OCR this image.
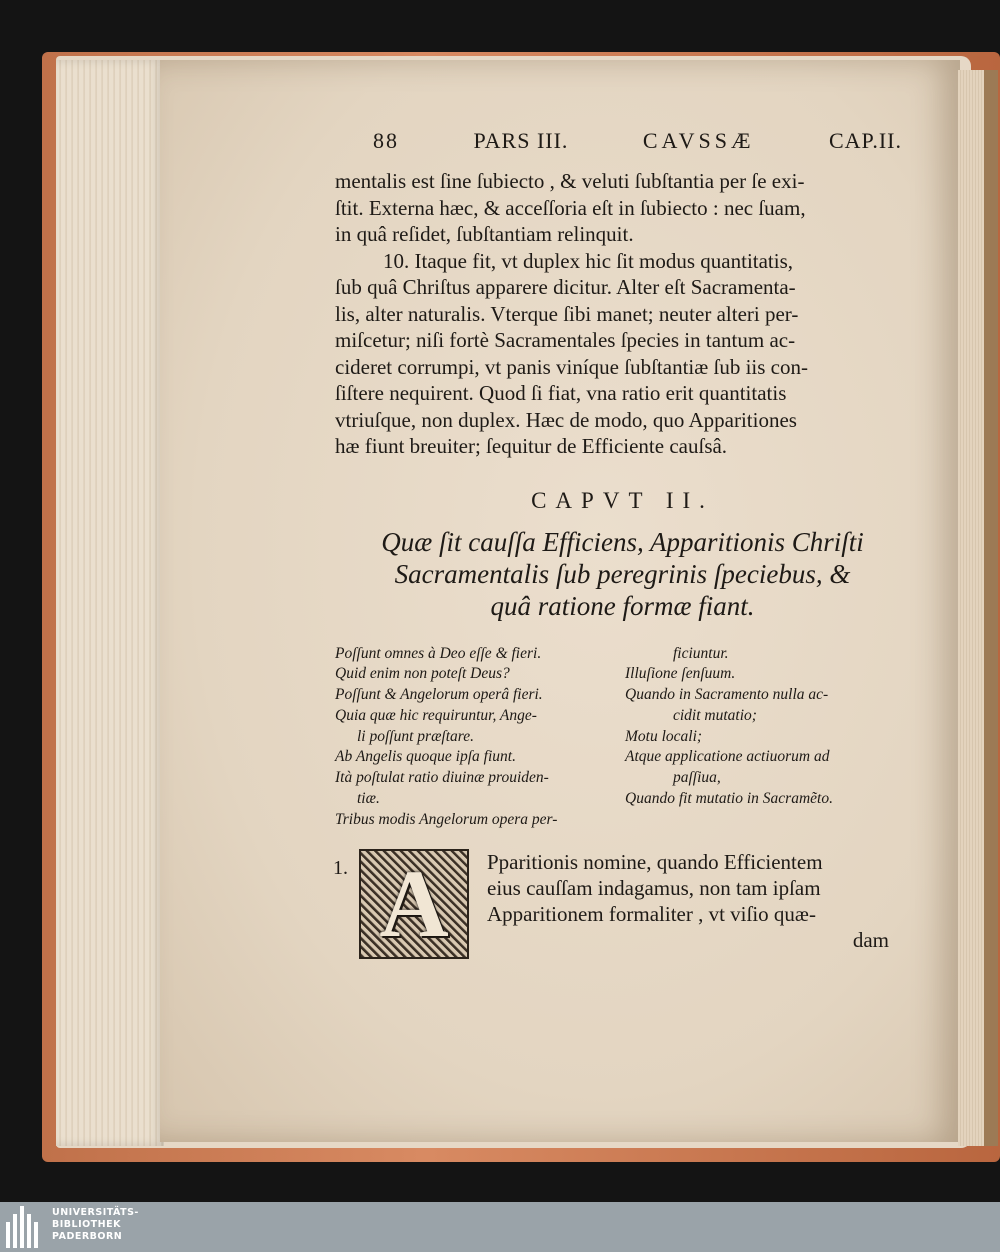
88	PARS III.	CAVSSÆ	CAP.II.
mentalis est ſine ſubiecto , & veluti ſubſtantia per ſe exi-
ſtit. Externa hæc, & acceſſoria eſt in ſubiecto : nec ſuam,
in quâ reſidet, ſubſtantiam relinquit.
10. Itaque fit, vt duplex hic ſit modus quantitatis,
ſub quâ Chriſtus apparere dicitur. Alter eſt Sacramenta-
lis, alter naturalis. Vterque ſibi manet; neuter alteri per-
miſcetur; niſi fortè Sacramentales ſpecies in tantum ac-
cideret corrumpi, vt panis viníque ſubſtantiæ ſub iis con-
ſiſtere nequirent. Quod ſi fiat, vna ratio erit quantitatis
vtriuſque, non duplex. Hæc de modo, quo Apparitiones
hæ fiunt breuiter; ſequitur de Efficiente cauſsâ.
CAPVT II.
Quæ ſit cauſſa Efficiens, Apparitionis Chriſti
Sacramentalis ſub peregrinis ſpeciebus, &
quâ ratione formæ fiant.
Poſſunt omnes à Deo eſſe & fieri.
Quid enim non poteſt Deus?
Poſſunt & Angelorum operâ fieri.
Quia quæ hic requiruntur, Ange-
li poſſunt præſtare.
Ab Angelis quoque ipſa fiunt.
Ità poſtulat ratio diuinæ prouiden-
tiæ.
Tribus modis Angelorum opera per-
ficiuntur.
Illuſione ſenſuum.
Quando in Sacramento nulla ac-
cidit mutatio;
Motu locali;
Atque applicatione actiuorum ad
paſſiua,
Quando fit mutatio in Sacramẽto.
1. A Pparitionis nomine, quando Efficientem
eius cauſſam indagamus, non tam ipſam
Apparitionem formaliter , vt viſio quæ-
dam
UNIVERSITÄTS-
BIBLIOTHEK
PADERBORN
